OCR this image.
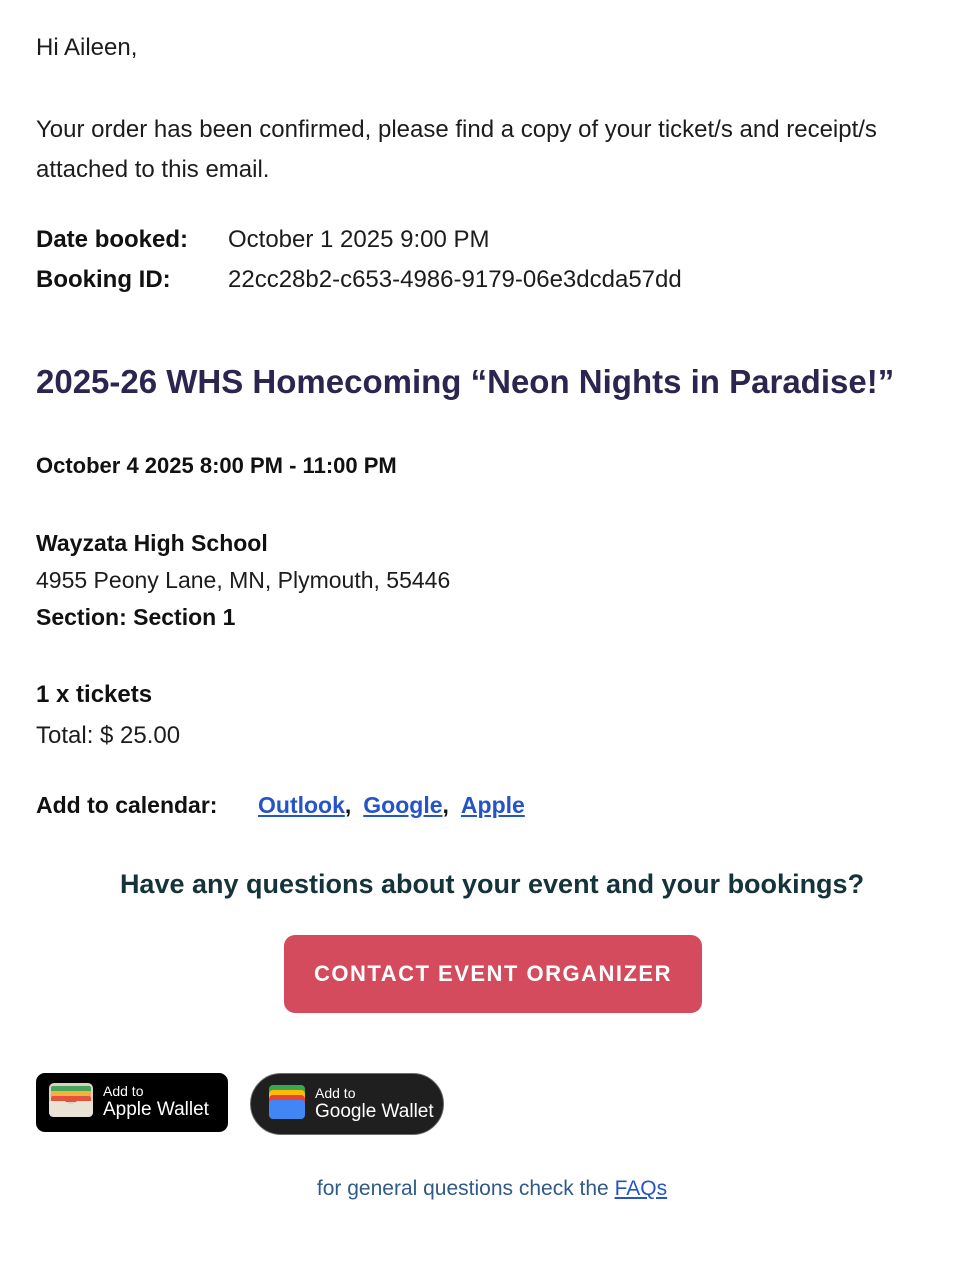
Hi Aileen,
Your order has been confirmed, please find a copy of your ticket/s and receipt/s attached to this email.
Date booked:	October 1 2025 9:00 PM
Booking ID:	22cc28b2-c653-4986-9179-06e3dcda57dd
2025-26 WHS Homecoming “Neon Nights in Paradise!”
October 4 2025 8:00 PM - 11:00 PM
Wayzata High School
4955 Peony Lane, MN, Plymouth, 55446
Section: Section 1
1 x tickets
Total: $ 25.00
Add to calendar:	Outlook , Google , Apple
Have any questions about your event and your bookings?
CONTACT EVENT ORGANIZER
Add to
Apple Wallet
Add to
Google Wallet
for general questions check the FAQs
